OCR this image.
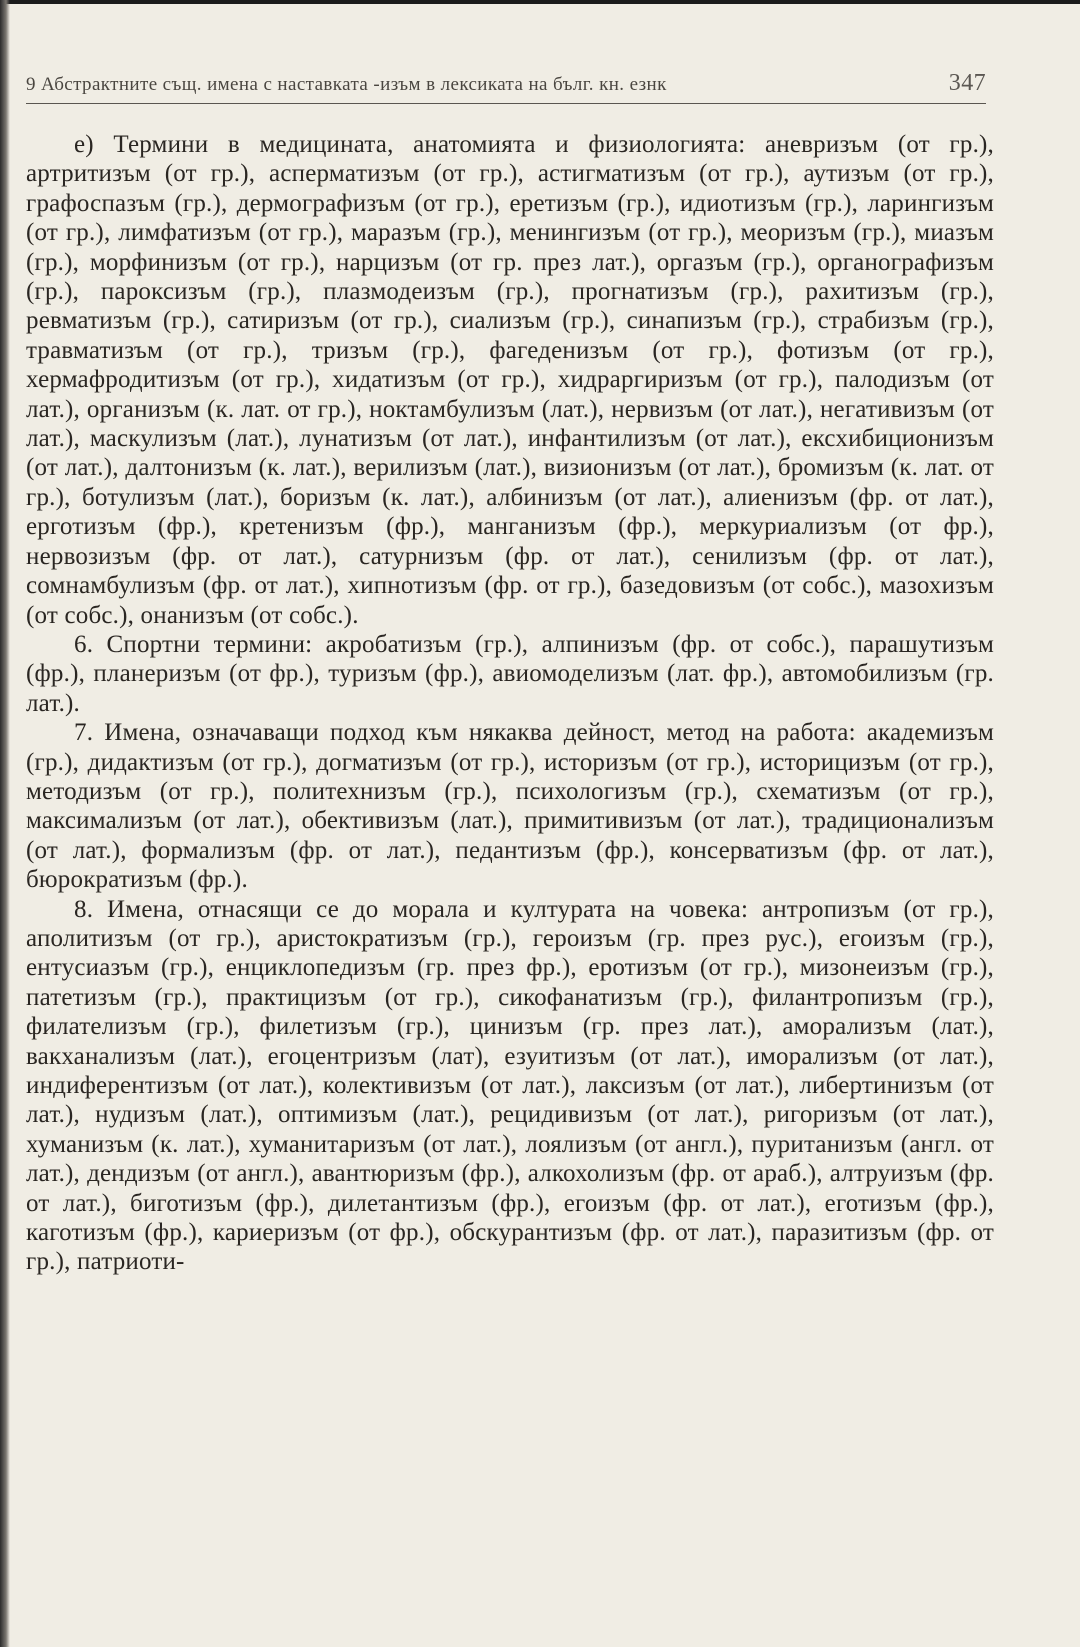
9 Абстрактните същ. имена с наставката -изъм в лексиката на бълг. кн. езнк	347

е) Термини в медицината, анатомията и физиологията: аневризъм (от гр.), артритизъм (от гр.), аспермaтизъм (от гр.), астигматизъм (от гр.), аутизъм (от гр.), графоспазъм (гр.), дермографизъм (от гр.), еретизъм (гр.), идиотизъм (гр.), ларингизъм (от гр.), лимфатизъм (от гр.), маразъм (гр.), менингизъм (от гр.), меоризъм (гр.), миазъм (гр.), морфинизъм (от гр.), нарцизъм (от гр. през лат.), оргазъм (гр.), органографизъм (гр.), пароксизъм (гр.), плазмодеизъм (гр.), прогнатизъм (гр.), рахитизъм (гр.), ревматизъм (гр.), сатиризъм (от гр.), сиализъм (гр.), синапизъм (гр.), страбизъм (гр.), травматизъм (от гр.), тризъм (гр.), фагеденизъм (от гр.), фотизъм (от гр.), хермафродитизъм (от гр.), хидатизъм (от гр.), хидраргиризъм (от гр.), палодизъм (от лат.), организъм (к. лат. от гр.), ноктамбулизъм (лат.), нервизъм (от лат.), негативизъм (от лат.), маскулизъм (лат.), лунатизъм (от лат.), инфантилизъм (от лат.), ексхибиционизъм (от лат.), далтонизъм (к. лат.), верилизъм (лат.), визионизъм (от лат.), бромизъм (к. лат. от гр.), ботулизъм (лат.), боризъм (к. лат.), албинизъм (от лат.), алиенизъм (фр. от лат.), ерготизъм (фр.), кретенизъм (фр.), манганизъм (фр.), меркуриализъм (от фр.), нервозизъм (фр. от лат.), сатурнизъм (фр. от лат.), сенилизъм (фр. от лат.), сомнамбулизъм (фр. от лат.), хипнотизъм (фр. от гр.), базедовизъм (от собс.), мазохизъм (от собс.), онанизъм (от собс.).

6. Спортни термини: акробатизъм (гр.), алпинизъм (фр. от собс.), парашутизъм (фр.), планеризъм (от фр.), туризъм (фр.), авиомоделизъм (лат. фр.), автомобилизъм (гр. лат.).

7. Имена, означаващи подход към някаква дейност, метод на работа: академизъм (гр.), дидактизъм (от гр.), догматизъм (от гр.), историзъм (от гр.), историцизъм (от гр.), методизъм (от гр.), политехнизъм (гр.), психологизъм (гр.), схематизъм (от гр.), максимализъм (от лат.), обективизъм (лат.), примитивизъм (от лат.), традиционализъм (от лат.), формализъм (фр. от лат.), педантизъм (фр.), консерватизъм (фр. от лат.), бюрократизъм (фр.).

8. Имена, отнасящи се до морала и културата на човека: антропизъм (от гр.), аполитизъм (от гр.), аристократизъм (гр.), героизъм (гр. през рус.), егоизъм (гр.), ентусиазъм (гр.), енциклопедизъм (гр. през фр.), еротизъм (от гр.), мизонеизъм (гр.), патетизъм (гр.), практицизъм (от гр.), сикофанатизъм (гр.), филантропизъм (гр.), филателизъм (гр.), филетизъм (гр.), цинизъм (гр. през лат.), аморализъм (лат.), вакханализъм (лат.), егоцентризъм (лат), езуитизъм (от лат.), иморализъм (от лат.), индиферентизъм (от лат.), колективизъм (от лат.), лаксизъм (от лат.), либертинизъм (от лат.), нудизъм (лат.), оптимизъм (лат.), рецидивизъм (от лат.), ригоризъм (от лат.), хуманизъм (к. лат.), хуманитаризъм (от лат.), лоялизъм (от англ.), пуританизъм (англ. от лат.), дендизъм (от англ.), авантюризъм (фр.), алкохолизъм (фр. от араб.), алтруизъм (фр. от лат.), биготизъм (фр.), дилетантизъм (фр.), егоизъм (фр. от лат.), еготизъм (фр.), каготизъм (фр.), кариеризъм (от фр.), обскурантизъм (фр. от лат.), паразитизъм (фр. от гр.), патриоти-
